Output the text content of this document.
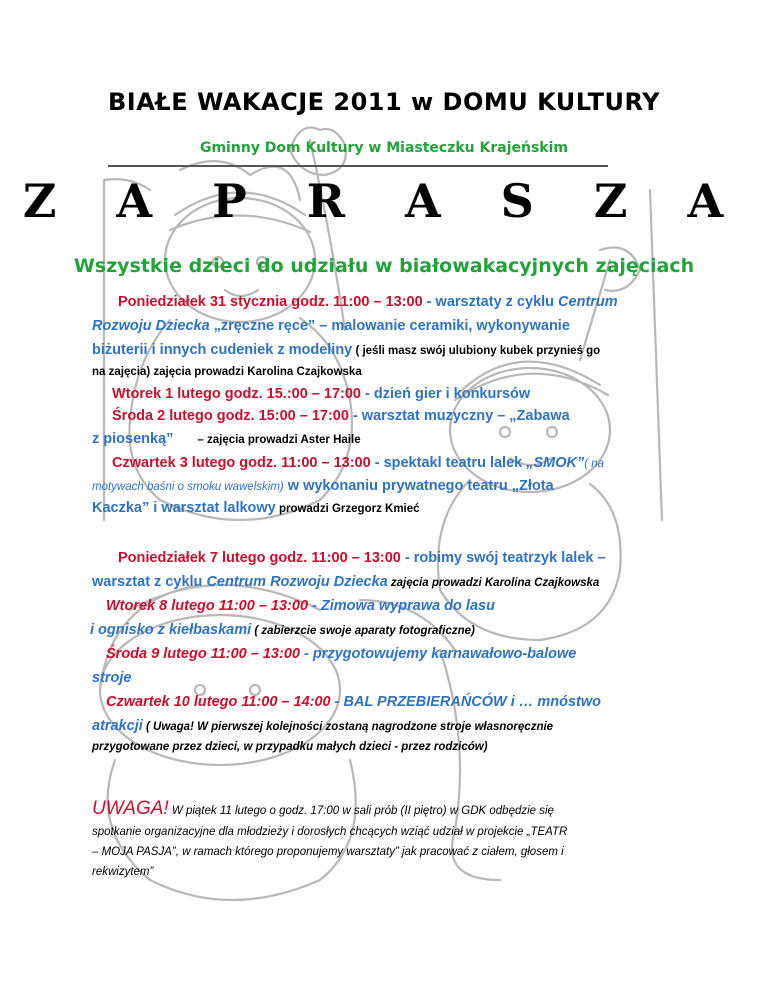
BIAŁE WAKACJE 2011 w DOMU KULTURY
Gminny Dom Kultury w Miasteczku Krajeńskim
Z A P R A S Z A
Wszystkie dzieci do udziału w białowakacyjnych zajęciach
Poniedziałek 31 stycznia godz. 11:00 – 13:00 - warsztaty z cyklu Centrum
Rozwoju Dziecka „zręczne ręce” – malowanie ceramiki, wykonywanie
biżuterii i innych cudeniek z modeliny ( jeśli masz swój ulubiony kubek przynieś go
na zajęcia) zajęcia prowadzi Karolina Czajkowska
Wtorek 1 lutego godz. 15.:00 – 17:00 - dzień gier i konkursów
Środa 2 lutego godz. 15:00 – 17:00 - warsztat muzyczny – „Zabawa
z piosenką” – zajęcia prowadzi Aster Haile
Czwartek 3 lutego godz. 11:00 – 13:00 - spektakl teatru lalek „SMOK”( na
motywach baśni o smoku wawelskim) w wykonaniu prywatnego teatru „Złota
Kaczka” i warsztat lalkowy prowadzi Grzegorz Kmieć
Poniedziałek 7 lutego godz. 11:00 – 13:00 - robimy swój teatrzyk lalek –
warsztat z cyklu Centrum Rozwoju Dziecka zajęcia prowadzi Karolina Czajkowska
Wtorek 8 lutego 11:00 – 13:00 - Zimowa wyprawa do lasu
i ognisko z kiełbaskami ( zabierzcie swoje aparaty fotograficzne)
Środa 9 lutego 11:00 – 13:00 - przygotowujemy karnawałowo-balowe
stroje
Czwartek 10 lutego 11:00 – 14:00 - BAL PRZEBIERAŃCÓW i … mnóstwo
atrakcji ( Uwaga! W pierwszej kolejności zostaną nagrodzone stroje własnoręcznie
przygotowane przez dzieci, w przypadku małych dzieci - przez rodziców)
UWAGA! W piątek 11 lutego o godz. 17:00 w sali prób (II piętro) w GDK odbędzie się
spotkanie organizacyjne dla młodzieży i dorosłych chcących wziąć udział w projekcie „TEATR
– MOJA PASJA”, w ramach którego proponujemy warsztaty” jak pracować z ciałem, głosem i
rekwizytem”
